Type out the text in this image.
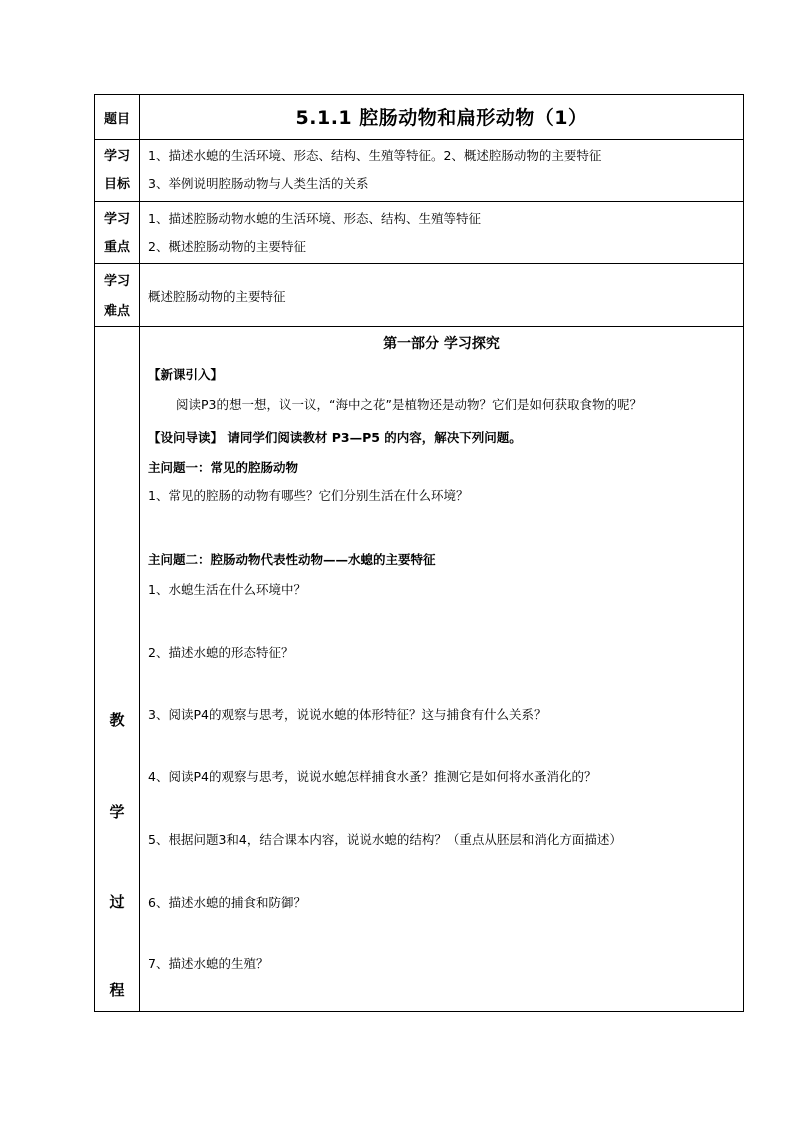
题目	5.1.1 腔肠动物和扁形动物（1）
学习
目标
1、描述水螅的生活环境、形态、结构、生殖等特征。2、概述腔肠动物的主要特征
3、举例说明腔肠动物与人类生活的关系
学习
重点
1、描述腔肠动物水螅的生活环境、形态、结构、生殖等特征
2、概述腔肠动物的主要特征
学习
难点
概述腔肠动物的主要特征
教
学
过
程
第一部分 学习探究
【新课引入】
阅读P3的想一想，议一议，“海中之花”是植物还是动物？它们是如何获取食物的呢？
【设问导读】 请同学们阅读教材 P3—P5 的内容，解决下列问题。
主问题一：常见的腔肠动物
1、常见的腔肠的动物有哪些？它们分别生活在什么环境？
主问题二：腔肠动物代表性动物——水螅的主要特征
1、水螅生活在什么环境中？
2、描述水螅的形态特征？
3、阅读P4的观察与思考，说说水螅的体形特征？这与捕食有什么关系？
4、阅读P4的观察与思考，说说水螅怎样捕食水蚤？推测它是如何将水蚤消化的？
5、根据问题3和4，结合课本内容，说说水螅的结构？（重点从胚层和消化方面描述）
6、描述水螅的捕食和防御？
7、描述水螅的生殖？
